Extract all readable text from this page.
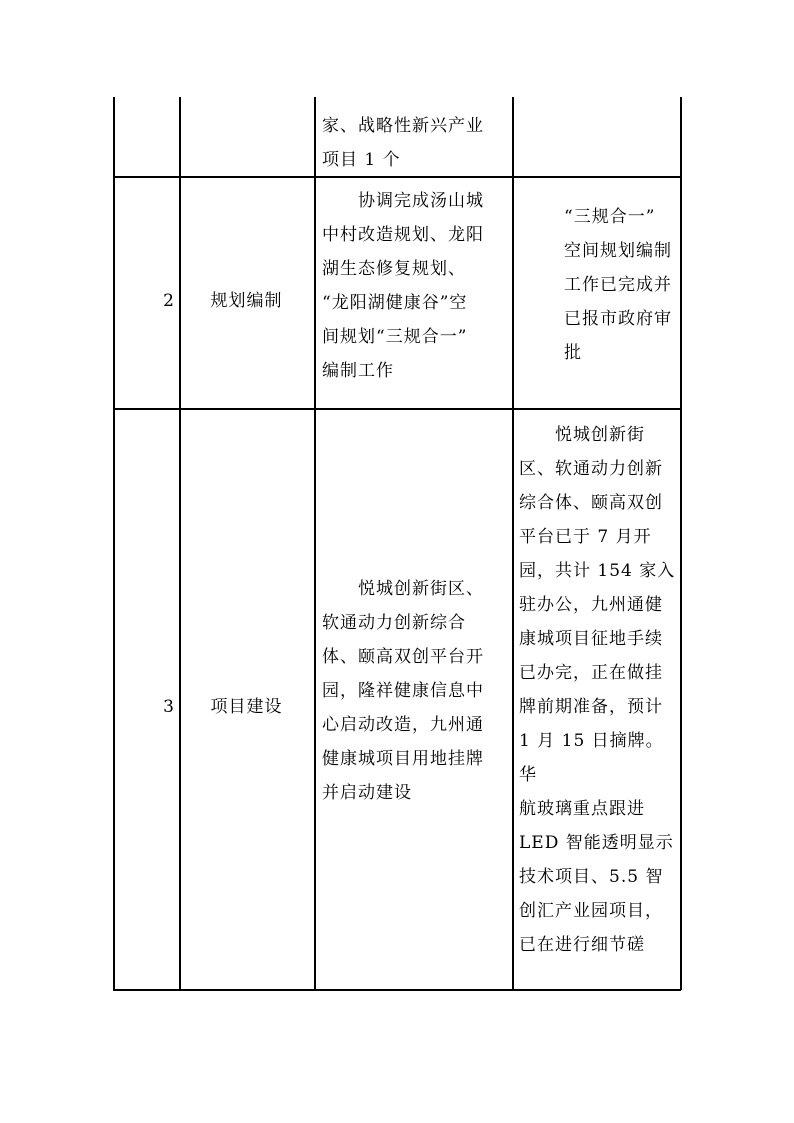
家、战略性新兴产业
项目 1 个
2	规划编制
　　协调完成汤山城
中村改造规划、龙阳
湖生态修复规划、
“龙阳湖健康谷”空
间规划“三规合一”
编制工作
“三规合一”
空间规划编制
工作已完成并
已报市政府审
批
3	项目建设
　　悦城创新街区、
软通动力创新综合
体、颐高双创平台开
园，隆祥健康信息中
心启动改造，九州通
健康城项目用地挂牌
并启动建设
　　悦城创新街
区、软通动力创新
综合体、颐高双创
平台已于 7 月开
园，共计 154 家入
驻办公，九州通健
康城项目征地手续
已办完，正在做挂
牌前期准备，预计
1 月 15 日摘牌。华
航玻璃重点跟进
LED 智能透明显示
技术项目、5.5 智
创汇产业园项目，
已在进行细节磋
